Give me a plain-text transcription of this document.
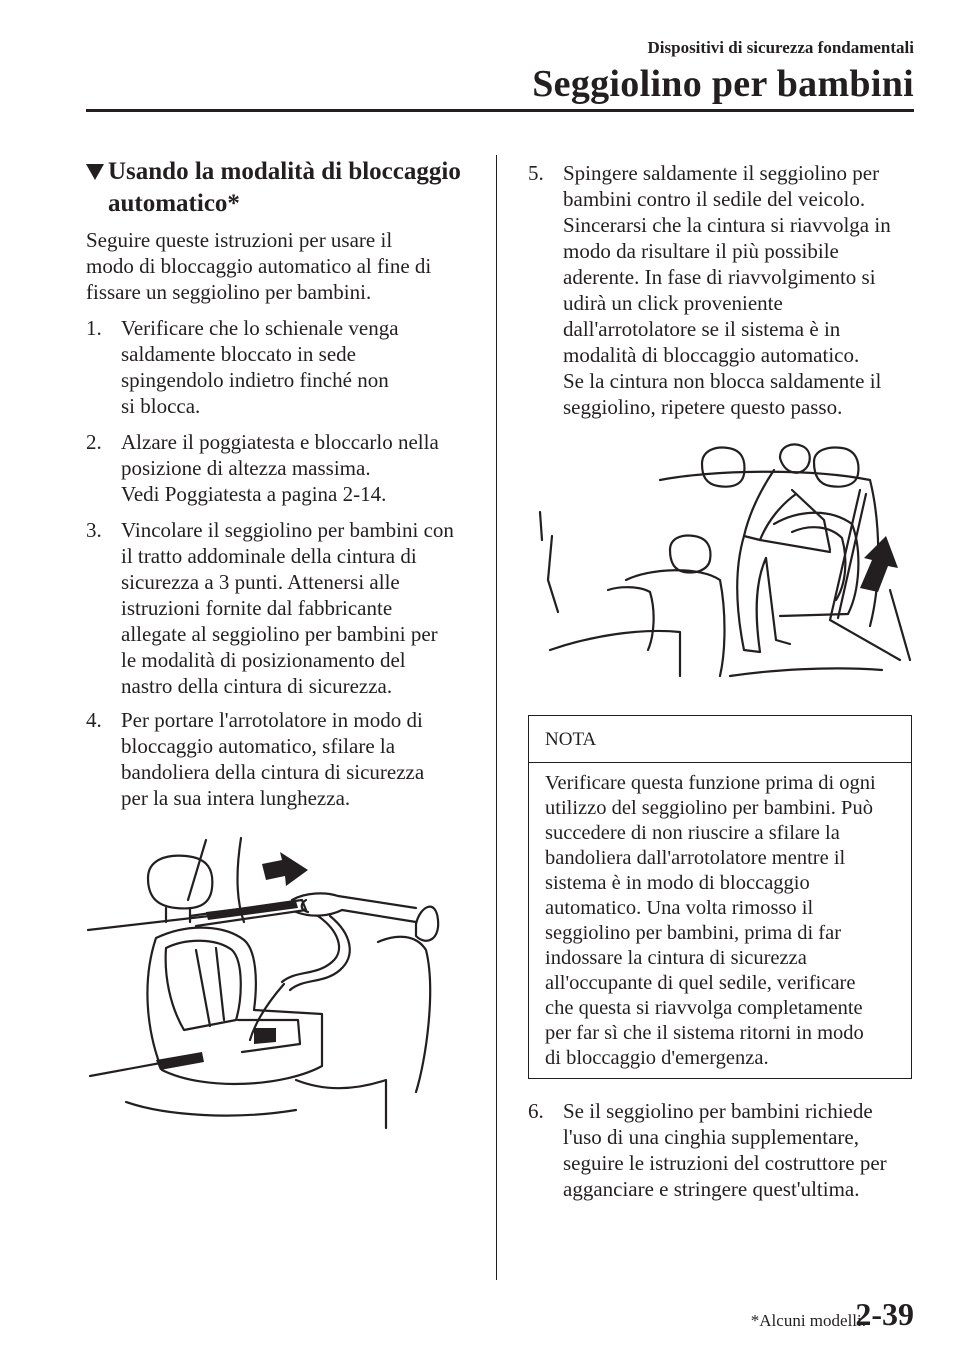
Dispositivi di sicurezza fondamentali
Seggiolino per bambini
Usando la modalità di bloccaggio
automatico*
Seguire queste istruzioni per usare il
modo di bloccaggio automatico al fine di
fissare un seggiolino per bambini.
1. Verificare che lo schienale venga
saldamente bloccato in sede
spingendolo indietro finché non
si blocca.
2. Alzare il poggiatesta e bloccarlo nella
posizione di altezza massima.
Vedi Poggiatesta a pagina 2-14.
3. Vincolare il seggiolino per bambini con
il tratto addominale della cintura di
sicurezza a 3 punti. Attenersi alle
istruzioni fornite dal fabbricante
allegate al seggiolino per bambini per
le modalità di posizionamento del
nastro della cintura di sicurezza.
4. Per portare l'arrotolatore in modo di
bloccaggio automatico, sfilare la
bandoliera della cintura di sicurezza
per la sua intera lunghezza.
5. Spingere saldamente il seggiolino per
bambini contro il sedile del veicolo.
Sincerarsi che la cintura si riavvolga in
modo da risultare il più possibile
aderente. In fase di riavvolgimento si
udirà un click proveniente
dall'arrotolatore se il sistema è in
modalità di bloccaggio automatico.
Se la cintura non blocca saldamente il
seggiolino, ripetere questo passo.
NOTA
Verificare questa funzione prima di ogni
utilizzo del seggiolino per bambini. Può
succedere di non riuscire a sfilare la
bandoliera dall'arrotolatore mentre il
sistema è in modo di bloccaggio
automatico. Una volta rimosso il
seggiolino per bambini, prima di far
indossare la cintura di sicurezza
all'occupante di quel sedile, verificare
che questa si riavvolga completamente
per far sì che il sistema ritorni in modo
di bloccaggio d'emergenza.
6. Se il seggiolino per bambini richiede
l'uso di una cinghia supplementare,
seguire le istruzioni del costruttore per
agganciare e stringere quest'ultima.
*Alcuni modelli.
2-39
